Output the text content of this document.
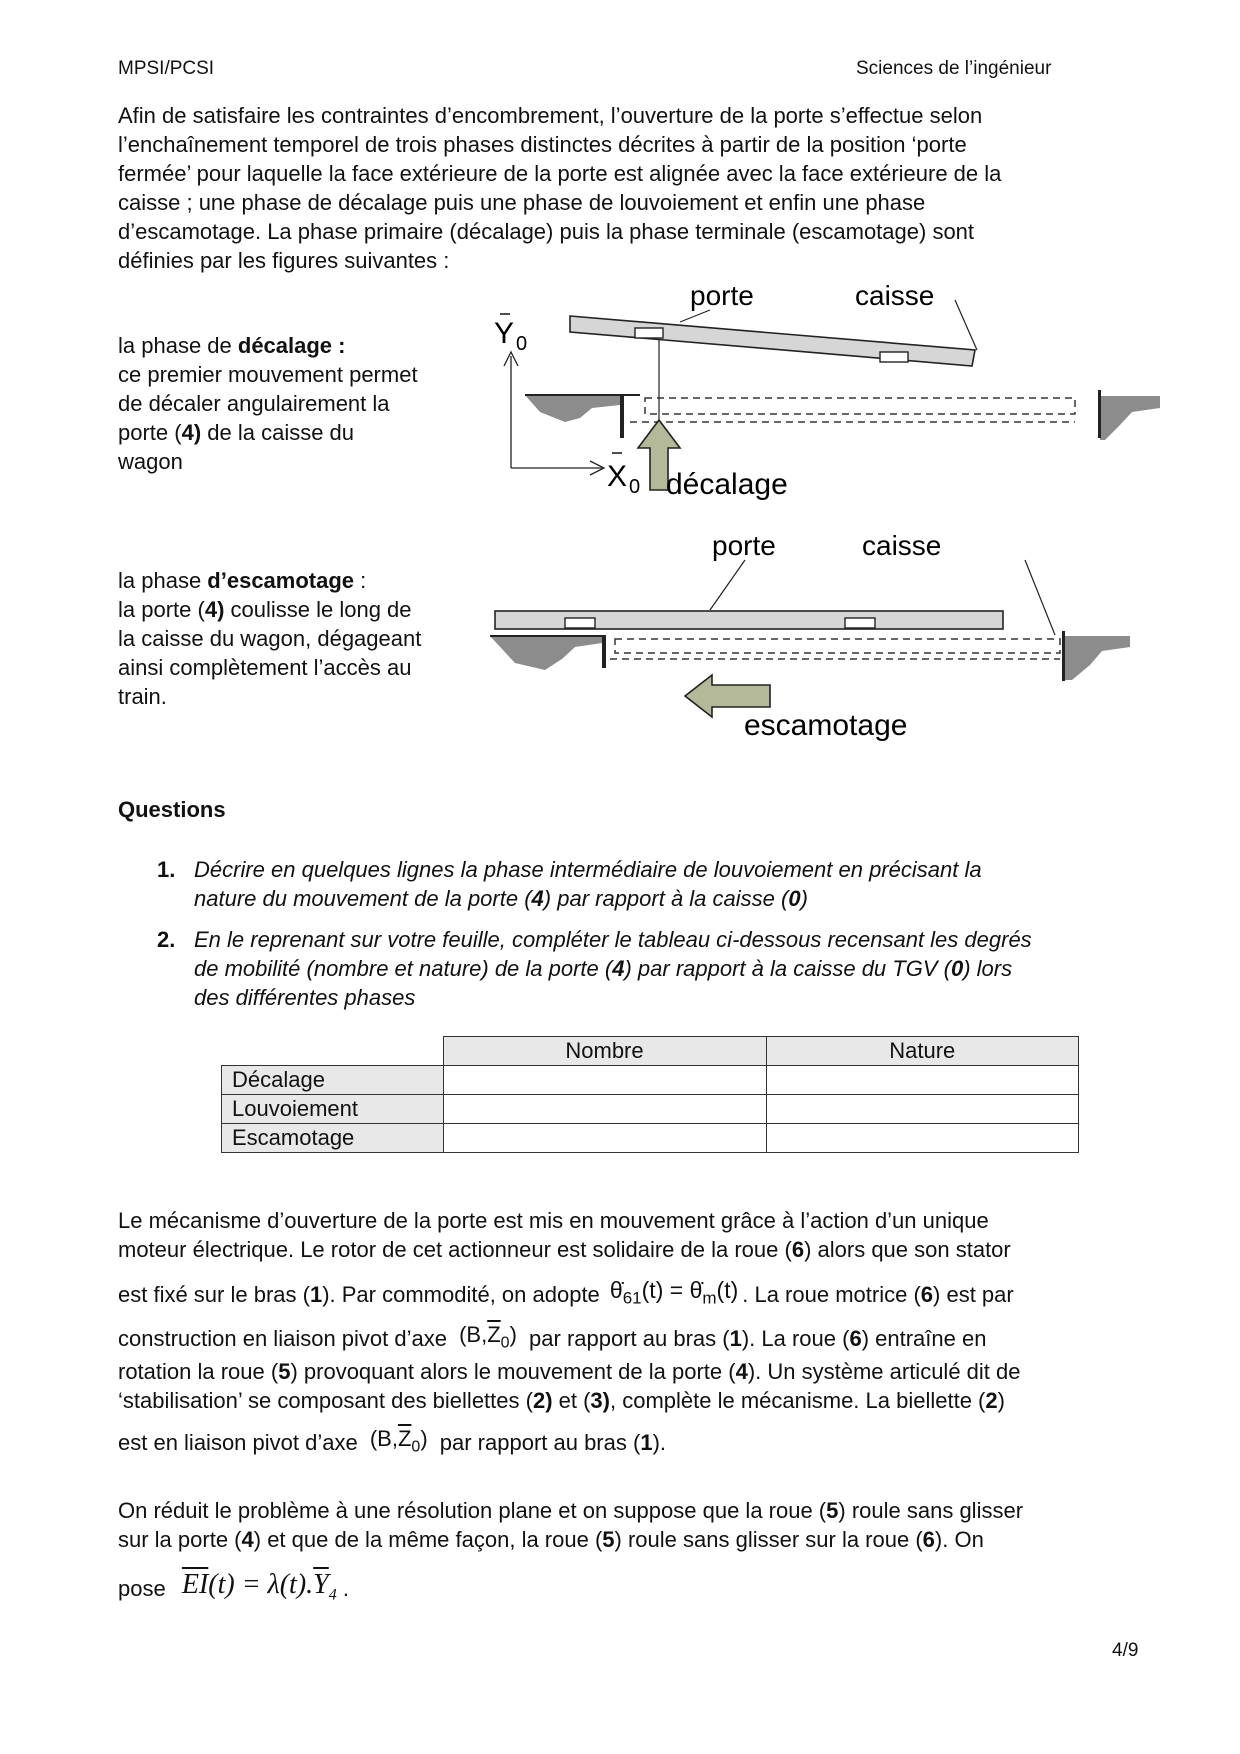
MPSI/PCSI	Sciences de l’ingénieur
Afin de satisfaire les contraintes d’encombrement, l’ouverture de la porte s’effectue selon
l’enchaînement temporel de trois phases distinctes décrites à partir de la position ‘porte
fermée’ pour laquelle la face extérieure de la porte est alignée avec la face extérieure de la
caisse ; une phase de décalage puis une phase de louvoiement et enfin une phase
d’escamotage. La phase primaire (décalage) puis la phase terminale (escamotage) sont
définies par les figures suivantes :
la phase de décalage :
ce premier mouvement permet
de décaler angulairement la
porte (4) de la caisse du
wagon
Y 0
X 0
porte	caisse
décalage
la phase d’escamotage :
la porte (4) coulisse le long de
la caisse du wagon, dégageant
ainsi complètement l’accès au
train.
porte	caisse
escamotage
Questions
1. Décrire en quelques lignes la phase intermédiaire de louvoiement en précisant la
nature du mouvement de la porte (4) par rapport à la caisse (0)
2. En le reprenant sur votre feuille, compléter le tableau ci-dessous recensant les degrés
de mobilité (nombre et nature) de la porte (4) par rapport à la caisse du TGV (0) lors
des différentes phases
	Nombre	Nature
Décalage		
Louvoiement		
Escamotage		
Le mécanisme d’ouverture de la porte est mis en mouvement grâce à l’action d’un unique
moteur électrique. Le rotor de cet actionneur est solidaire de la roue (6) alors que son stator
est fixé sur le bras (1). Par commodité, on adopte $\thetȧ_{61}(t)$ = $\thetȧ_m(t)$ . La roue motrice (6) est par
construction en liaison pivot d’axe $(B,\overline{Z}_0)$ par rapport au bras (1). La roue (6) entraîne en
rotation la roue (5) provoquant alors le mouvement de la porte (4). Un système articulé dit de
‘stabilisation’ se composant des biellettes (2) et (3), complète le mécanisme. La biellette (2)
est en liaison pivot d’axe $(B,\overline{Z}_0)$ par rapport au bras (1).
On réduit le problème à une résolution plane et on suppose que la roue (5) roule sans glisser
sur la porte (4) et que de la même façon, la roue (5) roule sans glisser sur la roue (6). On
pose $\overline{EI}(t) = \lambda(t).\overline{Y}_4$ .
4/9
